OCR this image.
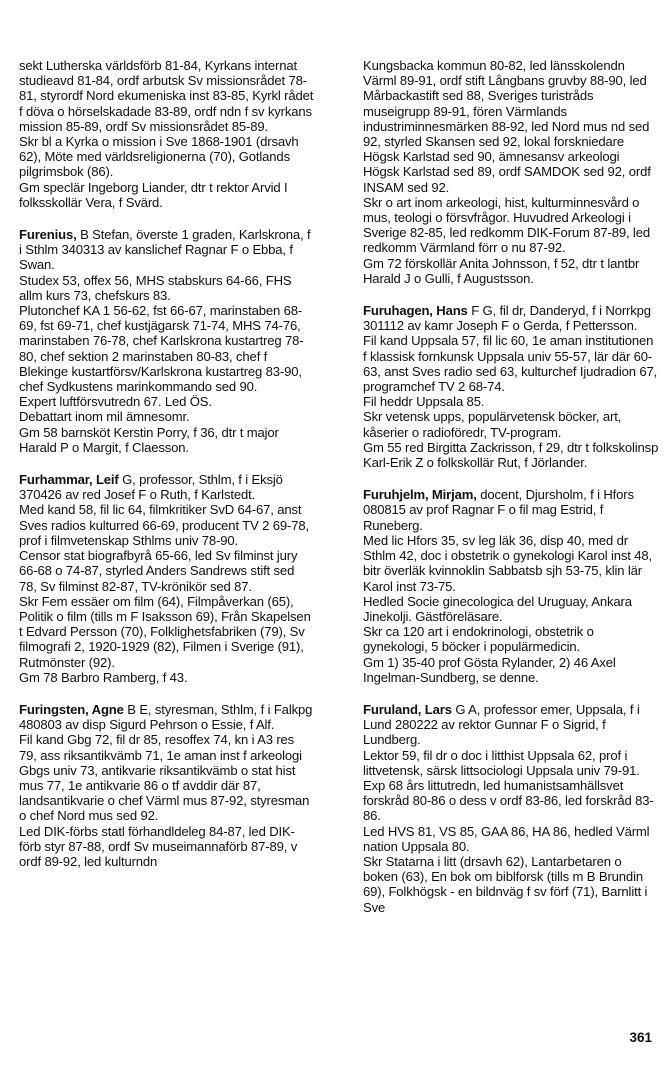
sekt Lutherska världsförb 81-84, Kyrkans internat studieavd 81-84, ordf arbutsk Sv missionsrådet 78-81, styrordf Nord ekumeniska inst 83-85, Kyrkl rådet f döva o hörselskadade 83-89, ordf ndn f sv kyrkans mission 85-89, ordf Sv missionsrådet 85-89.

Skr bl a Kyrka o mission i Sve 1868-1901 (drsavh 62), Möte med världsreligionerna (70), Gotlands pilgrimsbok (86).

Gm speclär Ingeborg Liander, dtr t rektor Arvid I folksskollär Vera, f Svärd.

Furenius, B Stefan, överste 1 graden, Karlskrona, f i Sthlm 340313 av kanslichef Ragnar F o Ebba, f Swan.

Studex 53, offex 56, MHS stabskurs 64-66, FHS allm kurs 73, chefskurs 83.

Plutonchef KA 1 56-62, fst 66-67, marinstaben 68-69, fst 69-71, chef kustjägarsk 71-74, MHS 74-76, marinstaben 76-78, chef Karlskrona kustartreg 78-80, chef sektion 2 marinstaben 80-83, chef f Blekinge kustartförsv/Karlskrona kustartreg 83-90, chef Sydkustens marinkommando sed 90.

Expert luftförsvutredn 67. Led ÖS.

Debattart inom mil ämnesomr.

Gm 58 barnsköt Kerstin Porry, f 36, dtr t major Harald P o Margit, f Claesson.

Furhammar, Leif G, professor, Sthlm, f i Eksjö 370426 av red Josef F o Ruth, f Karlstedt.

Med kand 58, fil lic 64, filmkritiker SvD 64-67, anst Sves radios kulturred 66-69, producent TV 2 69-78, prof i filmvetenskap Sthlms univ 78-90.

Censor stat biografbyrå 65-66, led Sv filminst jury 66-68 o 74-87, styrled Anders Sandrews stift sed 78, Sv filminst 82-87, TV-krönikör sed 87.

Skr Fem essäer om film (64), Filmpåverkan (65), Politik o film (tills m F Isaksson 69), Från Skapelsen t Edvard Persson (70), Folklighetsfabriken (79), Sv filmografi 2, 1920-1929 (82), Filmen i Sverige (91), Rutmönster (92).

Gm 78 Barbro Ramberg, f 43.

Furingsten, Agne B E, styresman, Sthlm, f i Falkpg 480803 av disp Sigurd Pehrson o Essie, f Alf.

Fil kand Gbg 72, fil dr 85, resoffex 74, kn i A3 res 79, ass riksantikvämb 71, 1e aman inst f arkeologi Gbgs univ 73, antikvarie riksantikvämb o stat hist mus 77, 1e antikvarie 86 o tf avddir där 87, landsantikvarie o chef Värml mus 87-92, styresman o chef Nord mus sed 92.

Led DIK-förbs statl förhandldeleg 84-87, led DIK-förb styr 87-88, ordf Sv museimannaförb 87-89, v ordf 89-92, led kulturndn

Kungsbacka kommun 80-82, led länsskolendn Värml 89-91, ordf stift Långbans gruvby 88-90, led Mårbackastift sed 88, Sveriges turistråds museigrupp 89-91, fören Värmlands industriminnesmärken 88-92, led Nord mus nd sed 92, styrled Skansen sed 92, lokal forskniedare Högsk Karlstad sed 90, ämnesansv arkeologi Högsk Karlstad sed 89, ordf SAMDOK sed 92, ordf INSAM sed 92.

Skr o art inom arkeologi, hist, kulturminnesvård o mus, teologi o försvfrågor. Huvudred Arkeologi i Sverige 82-85, led redkomm DIK-Forum 87-89, led redkomm Värmland förr o nu 87-92.

Gm 72 förskollär Anita Johnsson, f 52, dtr t lantbr Harald J o Gulli, f Augustsson.

Furuhagen, Hans F G, fil dr, Danderyd, f i Norrkpg 301112 av kamr Joseph F o Gerda, f Pettersson.

Fil kand Uppsala 57, fil lic 60, 1e aman institutionen f klassisk fornkunsk Uppsala univ 55-57, lär där 60-63, anst Sves radio sed 63, kulturchef Ijudradion 67, programchef TV 2 68-74.

Fil heddr Uppsala 85.

Skr vetensk upps, populärvetensk böcker, art, kåserier o radioföredr, TV-program.

Gm 55 red Birgitta Zackrisson, f 29, dtr t folkskolinsp Karl-Erik Z o folkskollär Rut, f Jörlander.

Furuhjelm, Mirjam, docent, Djursholm, f i Hfors 080815 av prof Ragnar F o fil mag Estrid, f Runeberg.

Med lic Hfors 35, sv leg läk 36, disp 40, med dr Sthlm 42, doc i obstetrik o gynekologi Karol inst 48, bitr överläk kvinnoklin Sabbatsb sjh 53-75, klin lär Karol inst 73-75.

Hedled Socie ginecologica del Uruguay, Ankara Jinekolji. Gästföreläsare.

Skr ca 120 art i endokrinologi, obstetrik o gynekologi, 5 böcker i populärmedicin.

Gm 1) 35-40 prof Gösta Rylander, 2) 46 Axel Ingelman-Sundberg, se denne.

Furuland, Lars G A, professor emer, Uppsala, f i Lund 280222 av rektor Gunnar F o Sigrid, f Lundberg.

Lektor 59, fil dr o doc i litthist Uppsala 62, prof i littvetensk, särsk littsociologi Uppsala univ 79-91.

Exp 68 års littutredn, led humanistsamhällsvet forskråd 80-86 o dess v ordf 83-86, led forskråd 83-86.

Led HVS 81, VS 85, GAA 86, HA 86, hedled Värml nation Uppsala 80.

Skr Statarna i litt (drsavh 62), Lantarbetaren o boken (63), En bok om biblforsk (tills m B Brundin 69), Folkhögsk - en bildnväg f sv förf (71), Barnlitt i Sve

361
